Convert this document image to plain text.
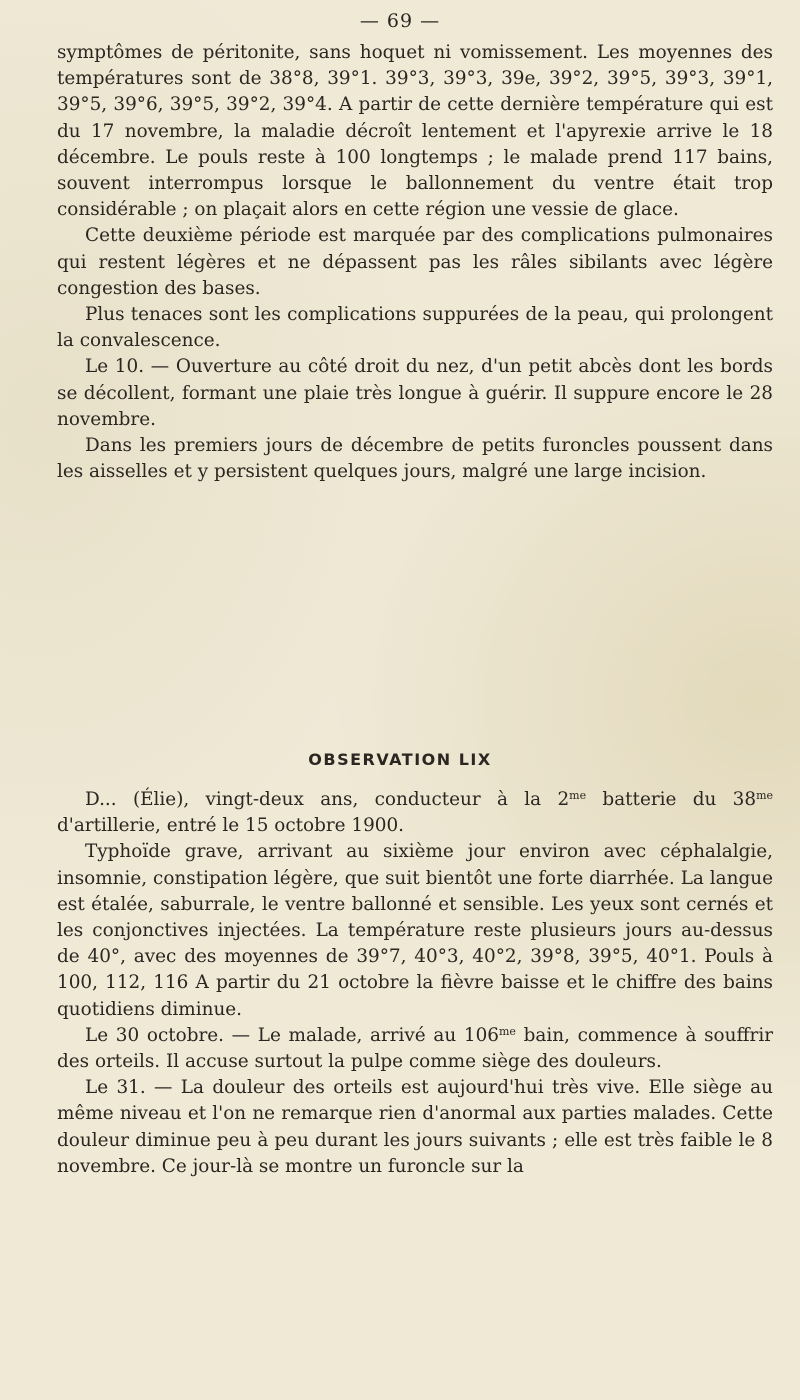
— 69 —

symptômes de péritonite, sans hoquet ni vomissement. Les moyennes des températures sont de 38°8, 39°1. 39°3, 39°3, 39e, 39°2, 39°5, 39°3, 39°1, 39°5, 39°6, 39°5, 39°2, 39°4. A partir de cette dernière température qui est du 17 novembre, la maladie décroît lentement et l'apyrexie arrive le 18 décembre. Le pouls reste à 100 longtemps ; le malade prend 117 bains, souvent interrompus lorsque le ballonnement du ventre était trop considérable ; on plaçait alors en cette région une vessie de glace.

Cette deuxième période est marquée par des complications pulmonaires qui restent légères et ne dépassent pas les râles sibilants avec légère congestion des bases.

Plus tenaces sont les complications suppurées de la peau, qui prolongent la convalescence.

Le 10. — Ouverture au côté droit du nez, d'un petit abcès dont les bords se décollent, formant une plaie très longue à guérir. Il suppure encore le 28 novembre.

Dans les premiers jours de décembre de petits furoncles poussent dans les aisselles et y persistent quelques jours, malgré une large incision.

OBSERVATION LIX

D... (Élie), vingt-deux ans, conducteur à la $2^{me}$ batterie du $38^{me}$ d'artillerie, entré le 15 octobre 1900.

Typhoïde grave, arrivant au sixième jour environ avec céphalalgie, insomnie, constipation légère, que suit bientôt une forte diarrhée. La langue est étalée, saburrale, le ventre ballonné et sensible. Les yeux sont cernés et les conjonctives injectées. La température reste plusieurs jours au-dessus de 40°, avec des moyennes de 39°7, 40°3, 40°2, 39°8, 39°5, 40°1. Pouls à 100, 112, 116 A partir du 21 octobre la fièvre baisse et le chiffre des bains quotidiens diminue.

Le 30 octobre. — Le malade, arrivé au $106^{me}$ bain, commence à souffrir des orteils. Il accuse surtout la pulpe comme siège des douleurs.

Le 31. — La douleur des orteils est aujourd'hui très vive. Elle siège au même niveau et l'on ne remarque rien d'anormal aux parties malades. Cette douleur diminue peu à peu durant les jours suivants ; elle est très faible le 8 novembre. Ce jour-là se montre un furoncle sur la
